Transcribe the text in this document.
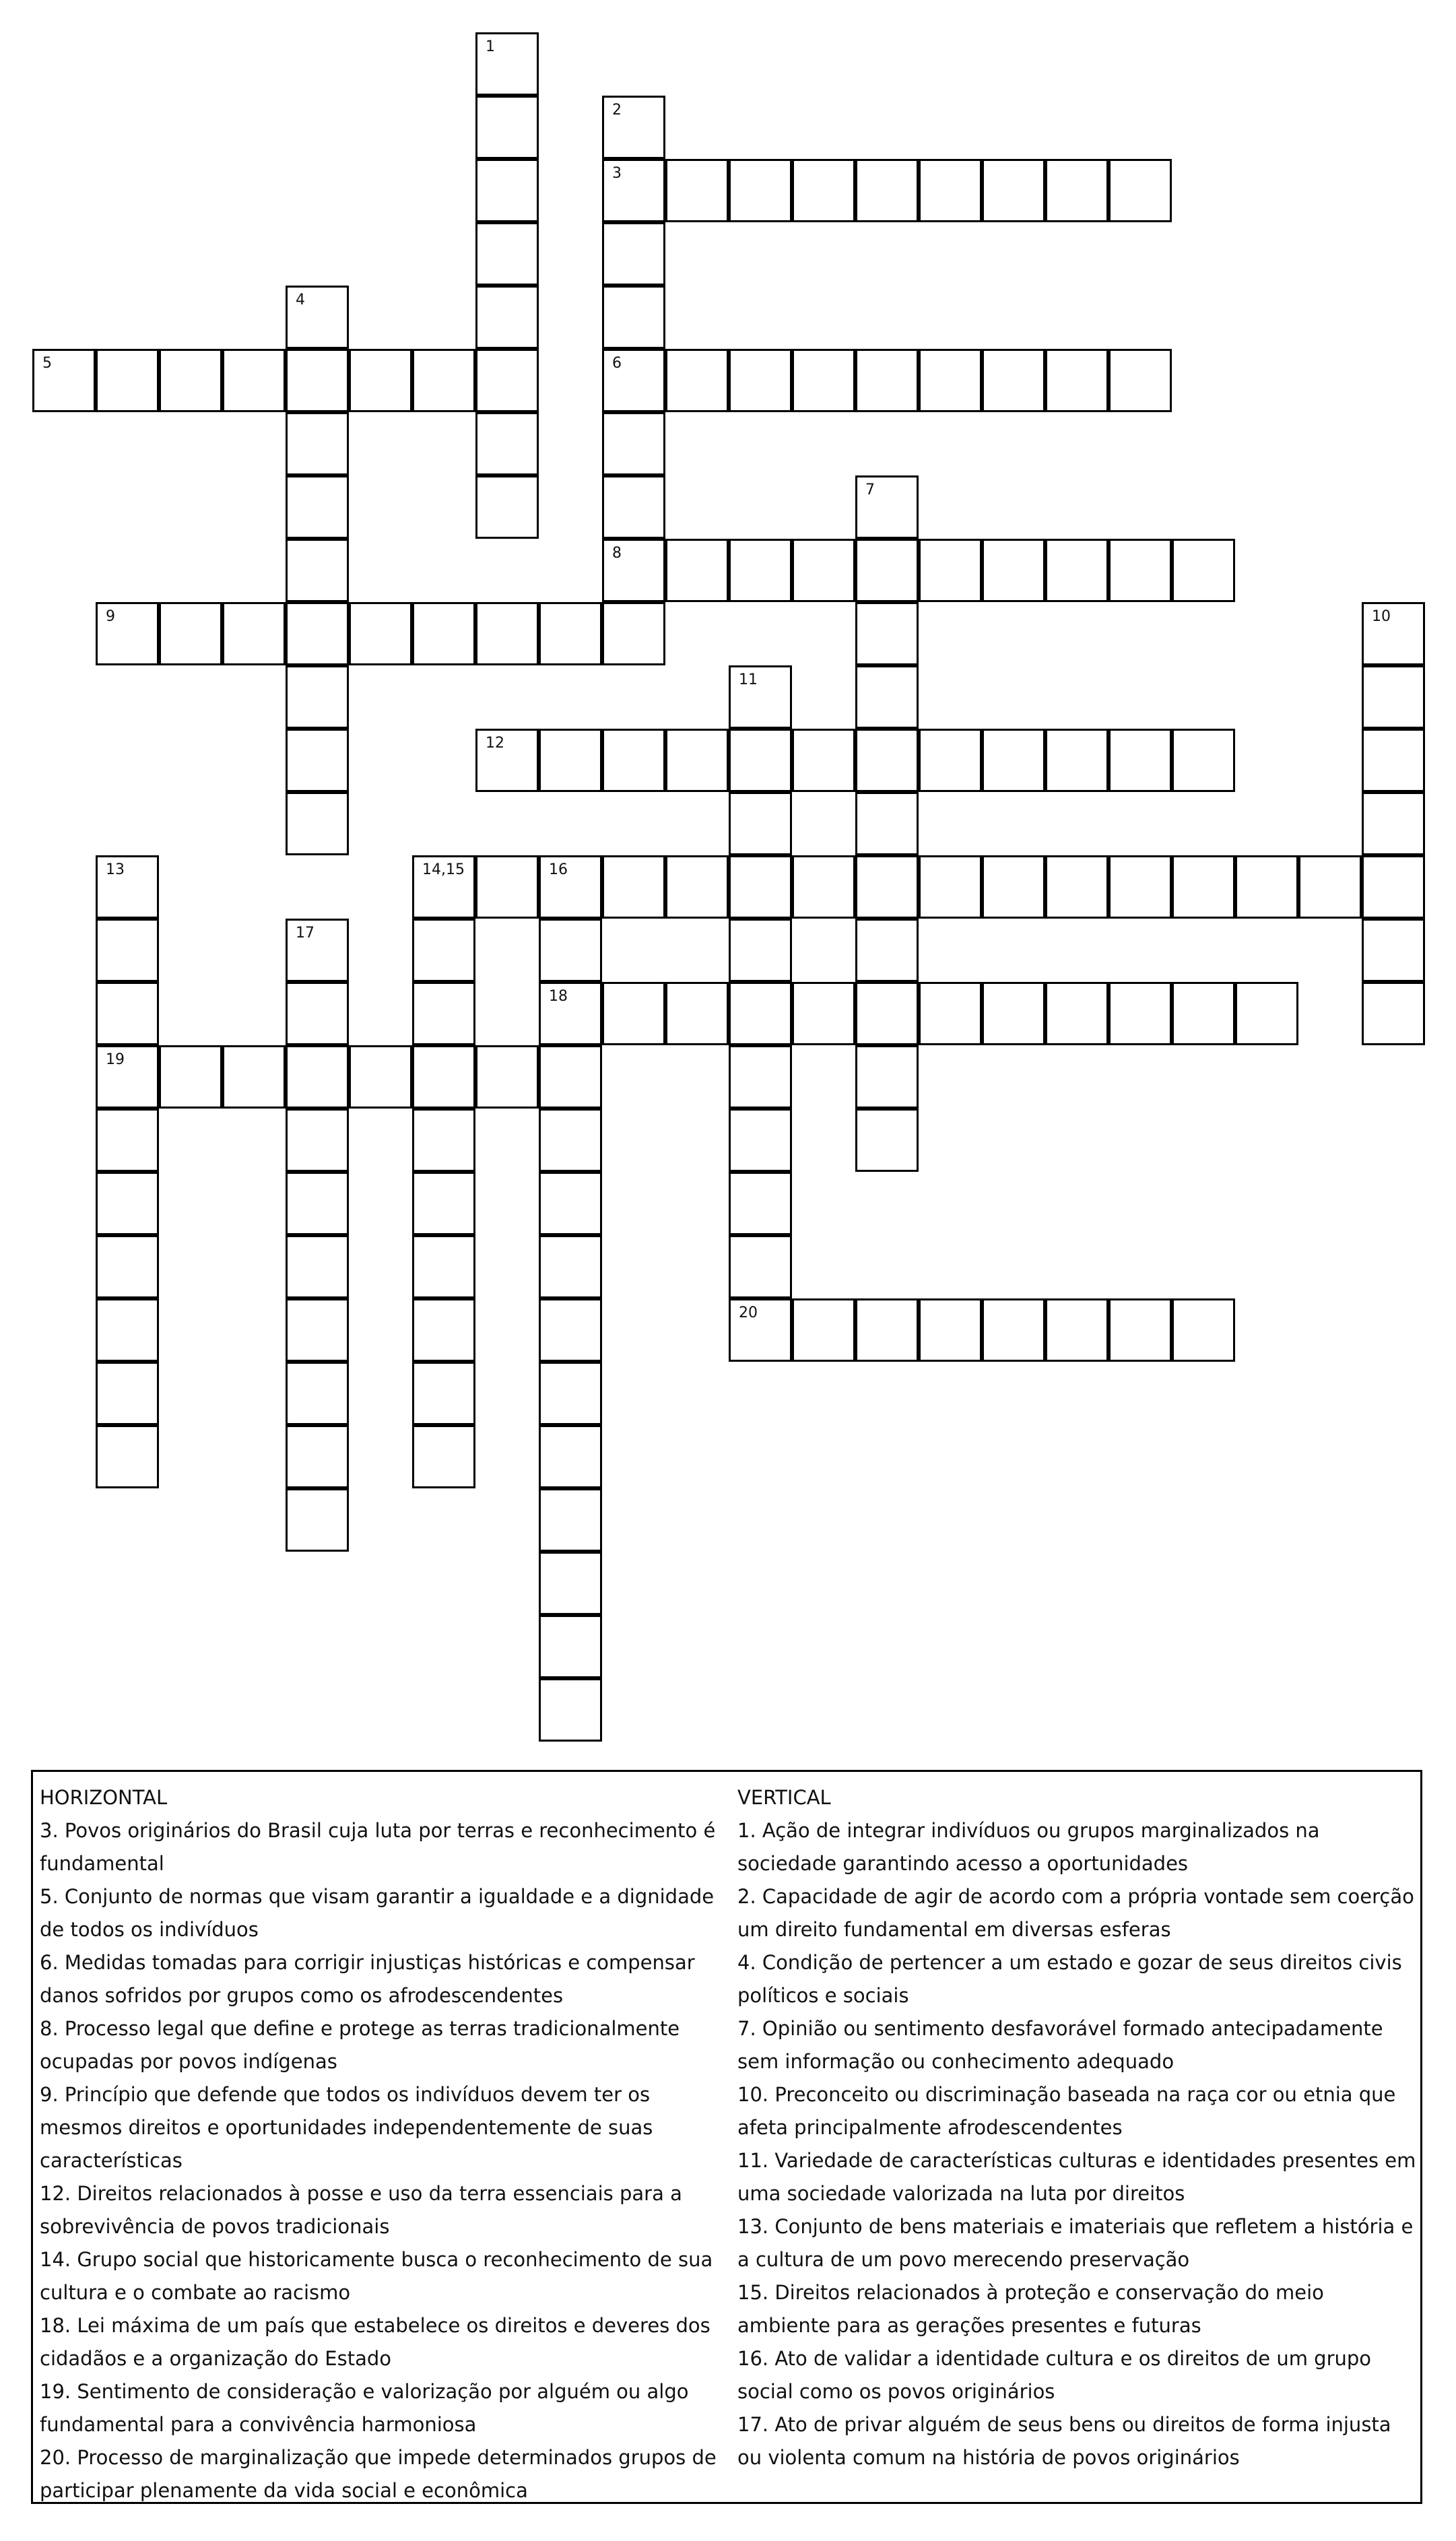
1
2
3
6
8
4
5
7
9	10
11
12
13
19
14,15	16
18
17
20
HORIZONTAL
3. Povos originários do Brasil cuja luta por terras e reconhecimento é fundamental
5. Conjunto de normas que visam garantir a igualdade e a dignidade de todos os indivíduos
6. Medidas tomadas para corrigir injustiças históricas e compensar danos sofridos por grupos como os afrodescendentes
8. Processo legal que define e protege as terras tradicionalmente ocupadas por povos indígenas
9. Princípio que defende que todos os indivíduos devem ter os mesmos direitos e oportunidades independentemente de suas características
12. Direitos relacionados à posse e uso da terra essenciais para a sobrevivência de povos tradicionais
14. Grupo social que historicamente busca o reconhecimento de sua cultura e o combate ao racismo
18. Lei máxima de um país que estabelece os direitos e deveres dos cidadãos e a organização do Estado
19. Sentimento de consideração e valorização por alguém ou algo fundamental para a convivência harmoniosa
20. Processo de marginalização que impede determinados grupos de participar plenamente da vida social e econômica
VERTICAL
1. Ação de integrar indivíduos ou grupos marginalizados na sociedade garantindo acesso a oportunidades
2. Capacidade de agir de acordo com a própria vontade sem coerção um direito fundamental em diversas esferas
4. Condição de pertencer a um estado e gozar de seus direitos civis políticos e sociais
7. Opinião ou sentimento desfavorável formado antecipadamente sem informação ou conhecimento adequado
10. Preconceito ou discriminação baseada na raça cor ou etnia que afeta principalmente afrodescendentes
11. Variedade de características culturas e identidades presentes em uma sociedade valorizada na luta por direitos
13. Conjunto de bens materiais e imateriais que refletem a história e a cultura de um povo merecendo preservação
15. Direitos relacionados à proteção e conservação do meio ambiente para as gerações presentes e futuras
16. Ato de validar a identidade cultura e os direitos de um grupo social como os povos originários
17. Ato de privar alguém de seus bens ou direitos de forma injusta ou violenta comum na história de povos originários
